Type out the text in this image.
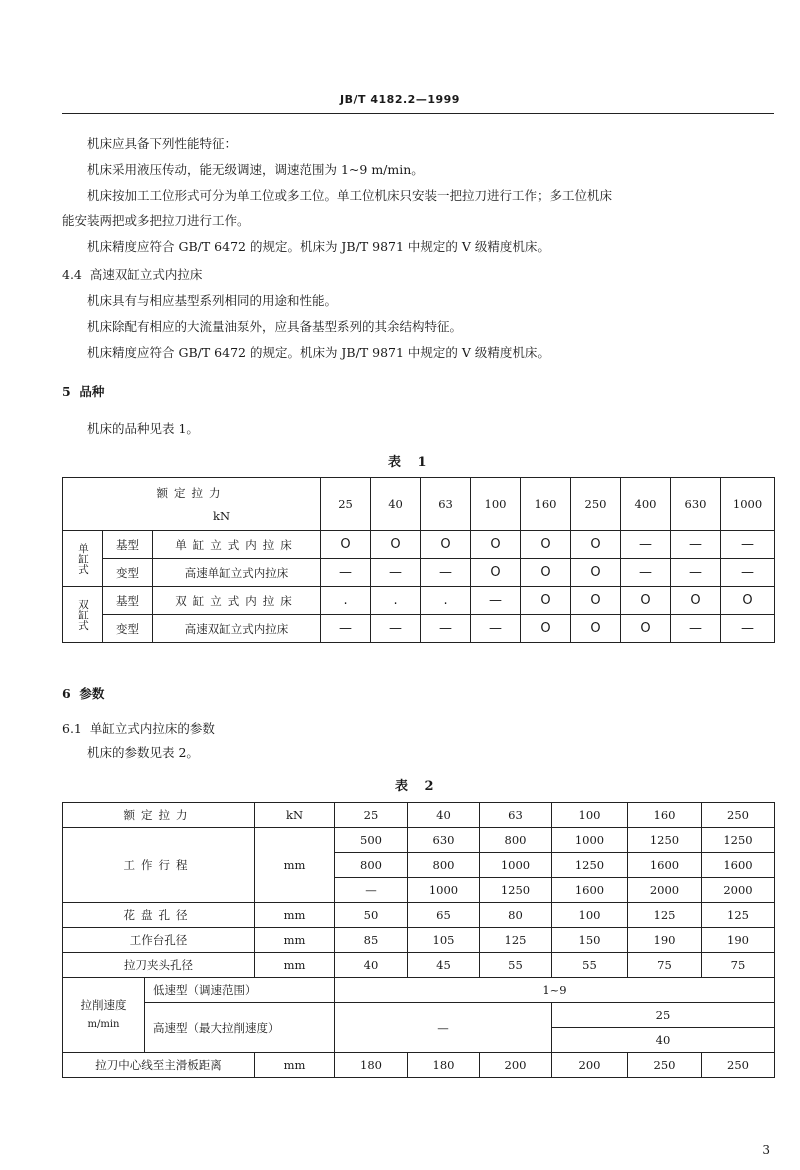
JB/T 4182.2—1999
机床应具备下列性能特征：
机床采用液压传动，能无级调速，调速范围为 1~9 m/min。
机床按加工工位形式可分为单工位或多工位。单工位机床只安装一把拉刀进行工作；多工位机床
能安装两把或多把拉刀进行工作。
机床精度应符合 GB/T 6472 的规定。机床为 JB/T 9871 中规定的 V 级精度机床。
4.4 高速双缸立式内拉床
机床具有与相应基型系列相同的用途和性能。
机床除配有相应的大流量油泵外，应具备基型系列的其余结构特征。
机床精度应符合 GB/T 6472 的规定。机床为 JB/T 9871 中规定的 V 级精度机床。
5 品种
机床的品种见表 1。
表 1
额定拉力
kN			25	40	63	100	160	250	400	630	1000
单缸式	基型	单缸立式内拉床	O	O	O	O	O	O	—	—	—
	变型	高速单缸立式内拉床	—	—	—	O	O	O	—	—	—
双缸式	基型	双缸立式内拉床	.	.	.	—	O	O	O	O	O
	变型	高速双缸立式内拉床	—	—	—	—	O	O	O	—	—
6 参数
6.1 单缸立式内拉床的参数
机床的参数见表 2。
表 2
额定拉力		kN	25	40	63	100	160	250
工作行程		mm	500	630	800	1000	1250	1250
			800	800	1000	1250	1600	1600
			—	1000	1250	1600	2000	2000
花盘孔径		mm	50	65	80	100	125	125
工作台孔径		mm	85	105	125	150	190	190
拉刀夹头孔径		mm	40	45	55	55	75	75

拉削速度
m/min	低速型（调速范围）		1~9					
	高速型（最大拉削速度）		—			25		
						40		
拉刀中心线至主滑板距离		mm	180	180	200	200	250	250
3
